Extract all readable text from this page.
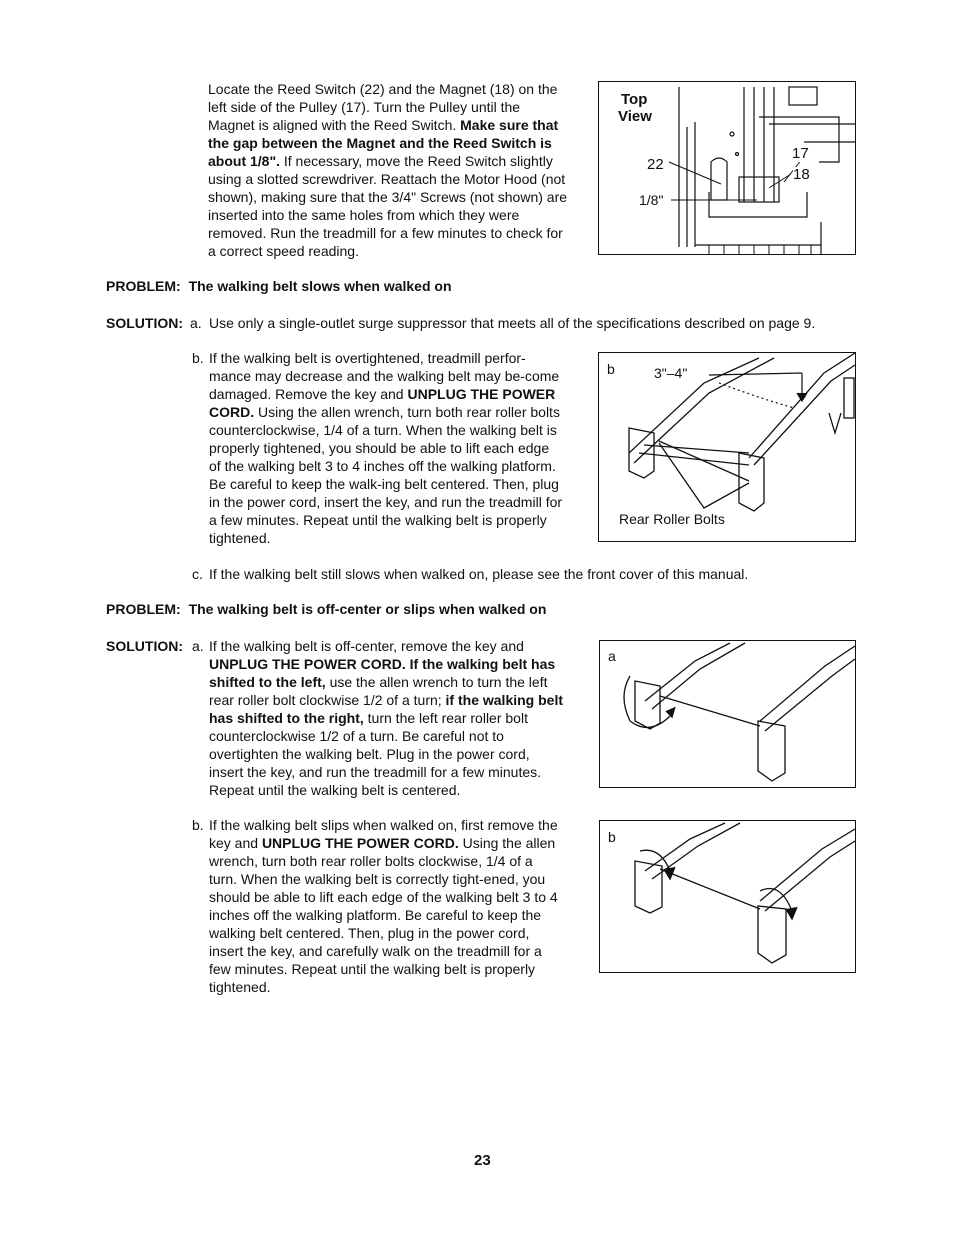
Locate the Reed Switch (22) and the Magnet (18) on the left side of the Pulley (17). Turn the Pulley until the Magnet is aligned with the Reed Switch. Make sure that the gap between the Magnet and the Reed Switch is about 1/8". If necessary, move the Reed Switch slightly using a slotted screwdriver. Reattach the Motor Hood (not shown), making sure that the 3/4" Screws (not shown) are inserted into the same holes from which they were removed. Run the treadmill for a few minutes to check for a correct speed reading.
Top
View
17
18
22
1/8"
PROBLEM: The walking belt slows when walked on
SOLUTION: a. Use only a single-outlet surge suppressor that meets all of the specifications described on page 9.
b. If the walking belt is overtightened, treadmill perfor-mance may decrease and the walking belt may be-come damaged. Remove the key and UNPLUG THE POWER CORD. Using the allen wrench, turn both rear roller bolts counterclockwise, 1/4 of a turn. When the walking belt is properly tightened, you should be able to lift each edge of the walking belt 3 to 4 inches off the walking platform. Be careful to keep the walk-ing belt centered. Then, plug in the power cord, insert the key, and run the treadmill for a few minutes. Repeat until the walking belt is properly tightened.
b	3"–4"
Rear Roller Bolts
c. If the walking belt still slows when walked on, please see the front cover of this manual.
PROBLEM: The walking belt is off-center or slips when walked on
SOLUTION: a. If the walking belt is off-center, remove the key and UNPLUG THE POWER CORD. If the walking belt has shifted to the left, use the allen wrench to turn the left rear roller bolt clockwise 1/2 of a turn; if the walking belt has shifted to the right, turn the left rear roller bolt counterclockwise 1/2 of a turn. Be careful not to overtighten the walking belt. Plug in the power cord, insert the key, and run the treadmill for a few minutes. Repeat until the walking belt is centered.
a
b. If the walking belt slips when walked on, first remove the key and UNPLUG THE POWER CORD. Using the allen wrench, turn both rear roller bolts clockwise, 1/4 of a turn. When the walking belt is correctly tight-ened, you should be able to lift each edge of the walking belt 3 to 4 inches off the walking platform. Be careful to keep the walking belt centered. Then, plug in the power cord, insert the key, and carefully walk on the treadmill for a few minutes. Repeat until the walking belt is properly tightened.
b
23
